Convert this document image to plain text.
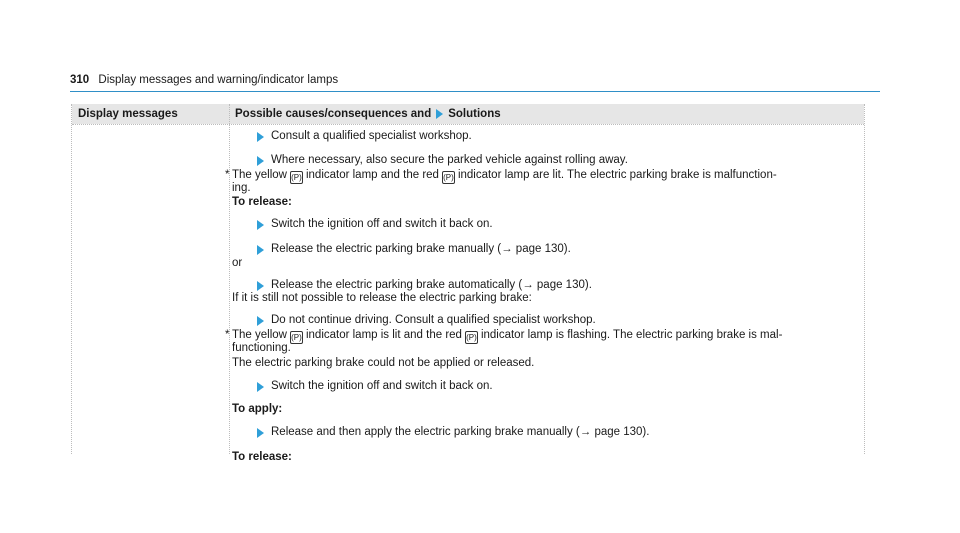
310 Display messages and warning/indicator lamps
Display messages	Possible causes/consequences and Solutions
Consult a qualified specialist workshop.
Where necessary, also secure the parked vehicle against rolling away.
* The yellow (P) indicator lamp and the red (P) indicator lamp are lit. The electric parking brake is malfunction-
ing.
To release:
Switch the ignition off and switch it back on.
Release the electric parking brake manually (→ page 130).
or
Release the electric parking brake automatically (→ page 130).
If it is still not possible to release the electric parking brake:
Do not continue driving. Consult a qualified specialist workshop.
* The yellow (P) indicator lamp is lit and the red (P) indicator lamp is flashing. The electric parking brake is mal-
functioning.
The electric parking brake could not be applied or released.
Switch the ignition off and switch it back on.
To apply:
Release and then apply the electric parking brake manually (→ page 130).
To release:
